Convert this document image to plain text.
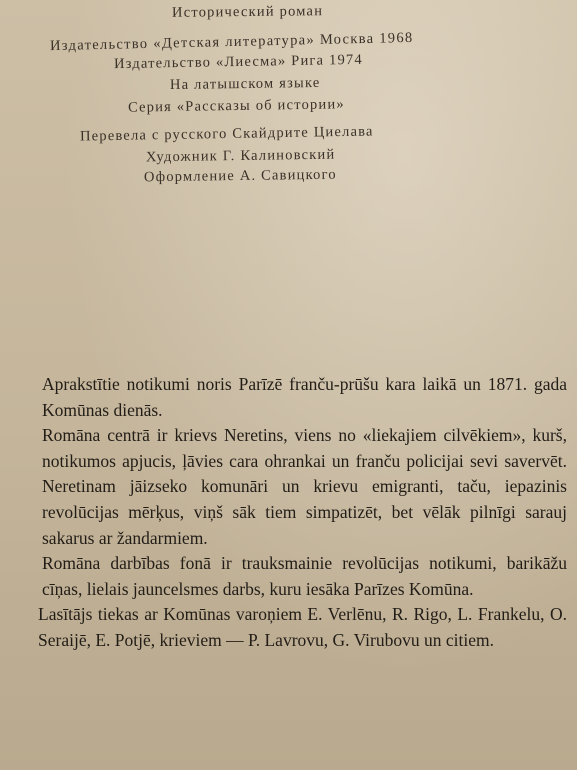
Исторический роман
Издательство «Детская литература» Москва 1968
Издательство «Лиесма» Рига 1974
На латышском языке
Серия «Рассказы об истории»
Перевела с русского Скайдрите Циелава
Художник Г. Калиновский
Оформление А. Савицкого

Aprakstītie notikumi noris Parīzē franču-prūšu kara laikā un 1871. gada Komūnas dienās.

Romāna centrā ir krievs Neretins, viens no «liekajiem cilvēkiem», kurš, notikumos apjucis, ļāvies cara ohrankai un franču policijai sevi savervēt. Neretinam jāizseko komunāri un krievu emigranti, taču, iepazinis revolūcijas mērķus, viņš sāk tiem simpatizēt, bet vēlāk pilnīgi sarauj sakarus ar žandarmiem.

Romāna darbības fonā ir trauksmainie revolūcijas notikumi, barikāžu cīņas, lielais jauncelsmes darbs, kuru iesāka Parīzes Komūna.

Lasītājs tiekas ar Komūnas varoņiem E. Verlēnu, R. Rigo, L. Frankelu, O. Seraijē, E. Potjē, krieviem — P. Lavrovu, G. Virubovu un citiem.
